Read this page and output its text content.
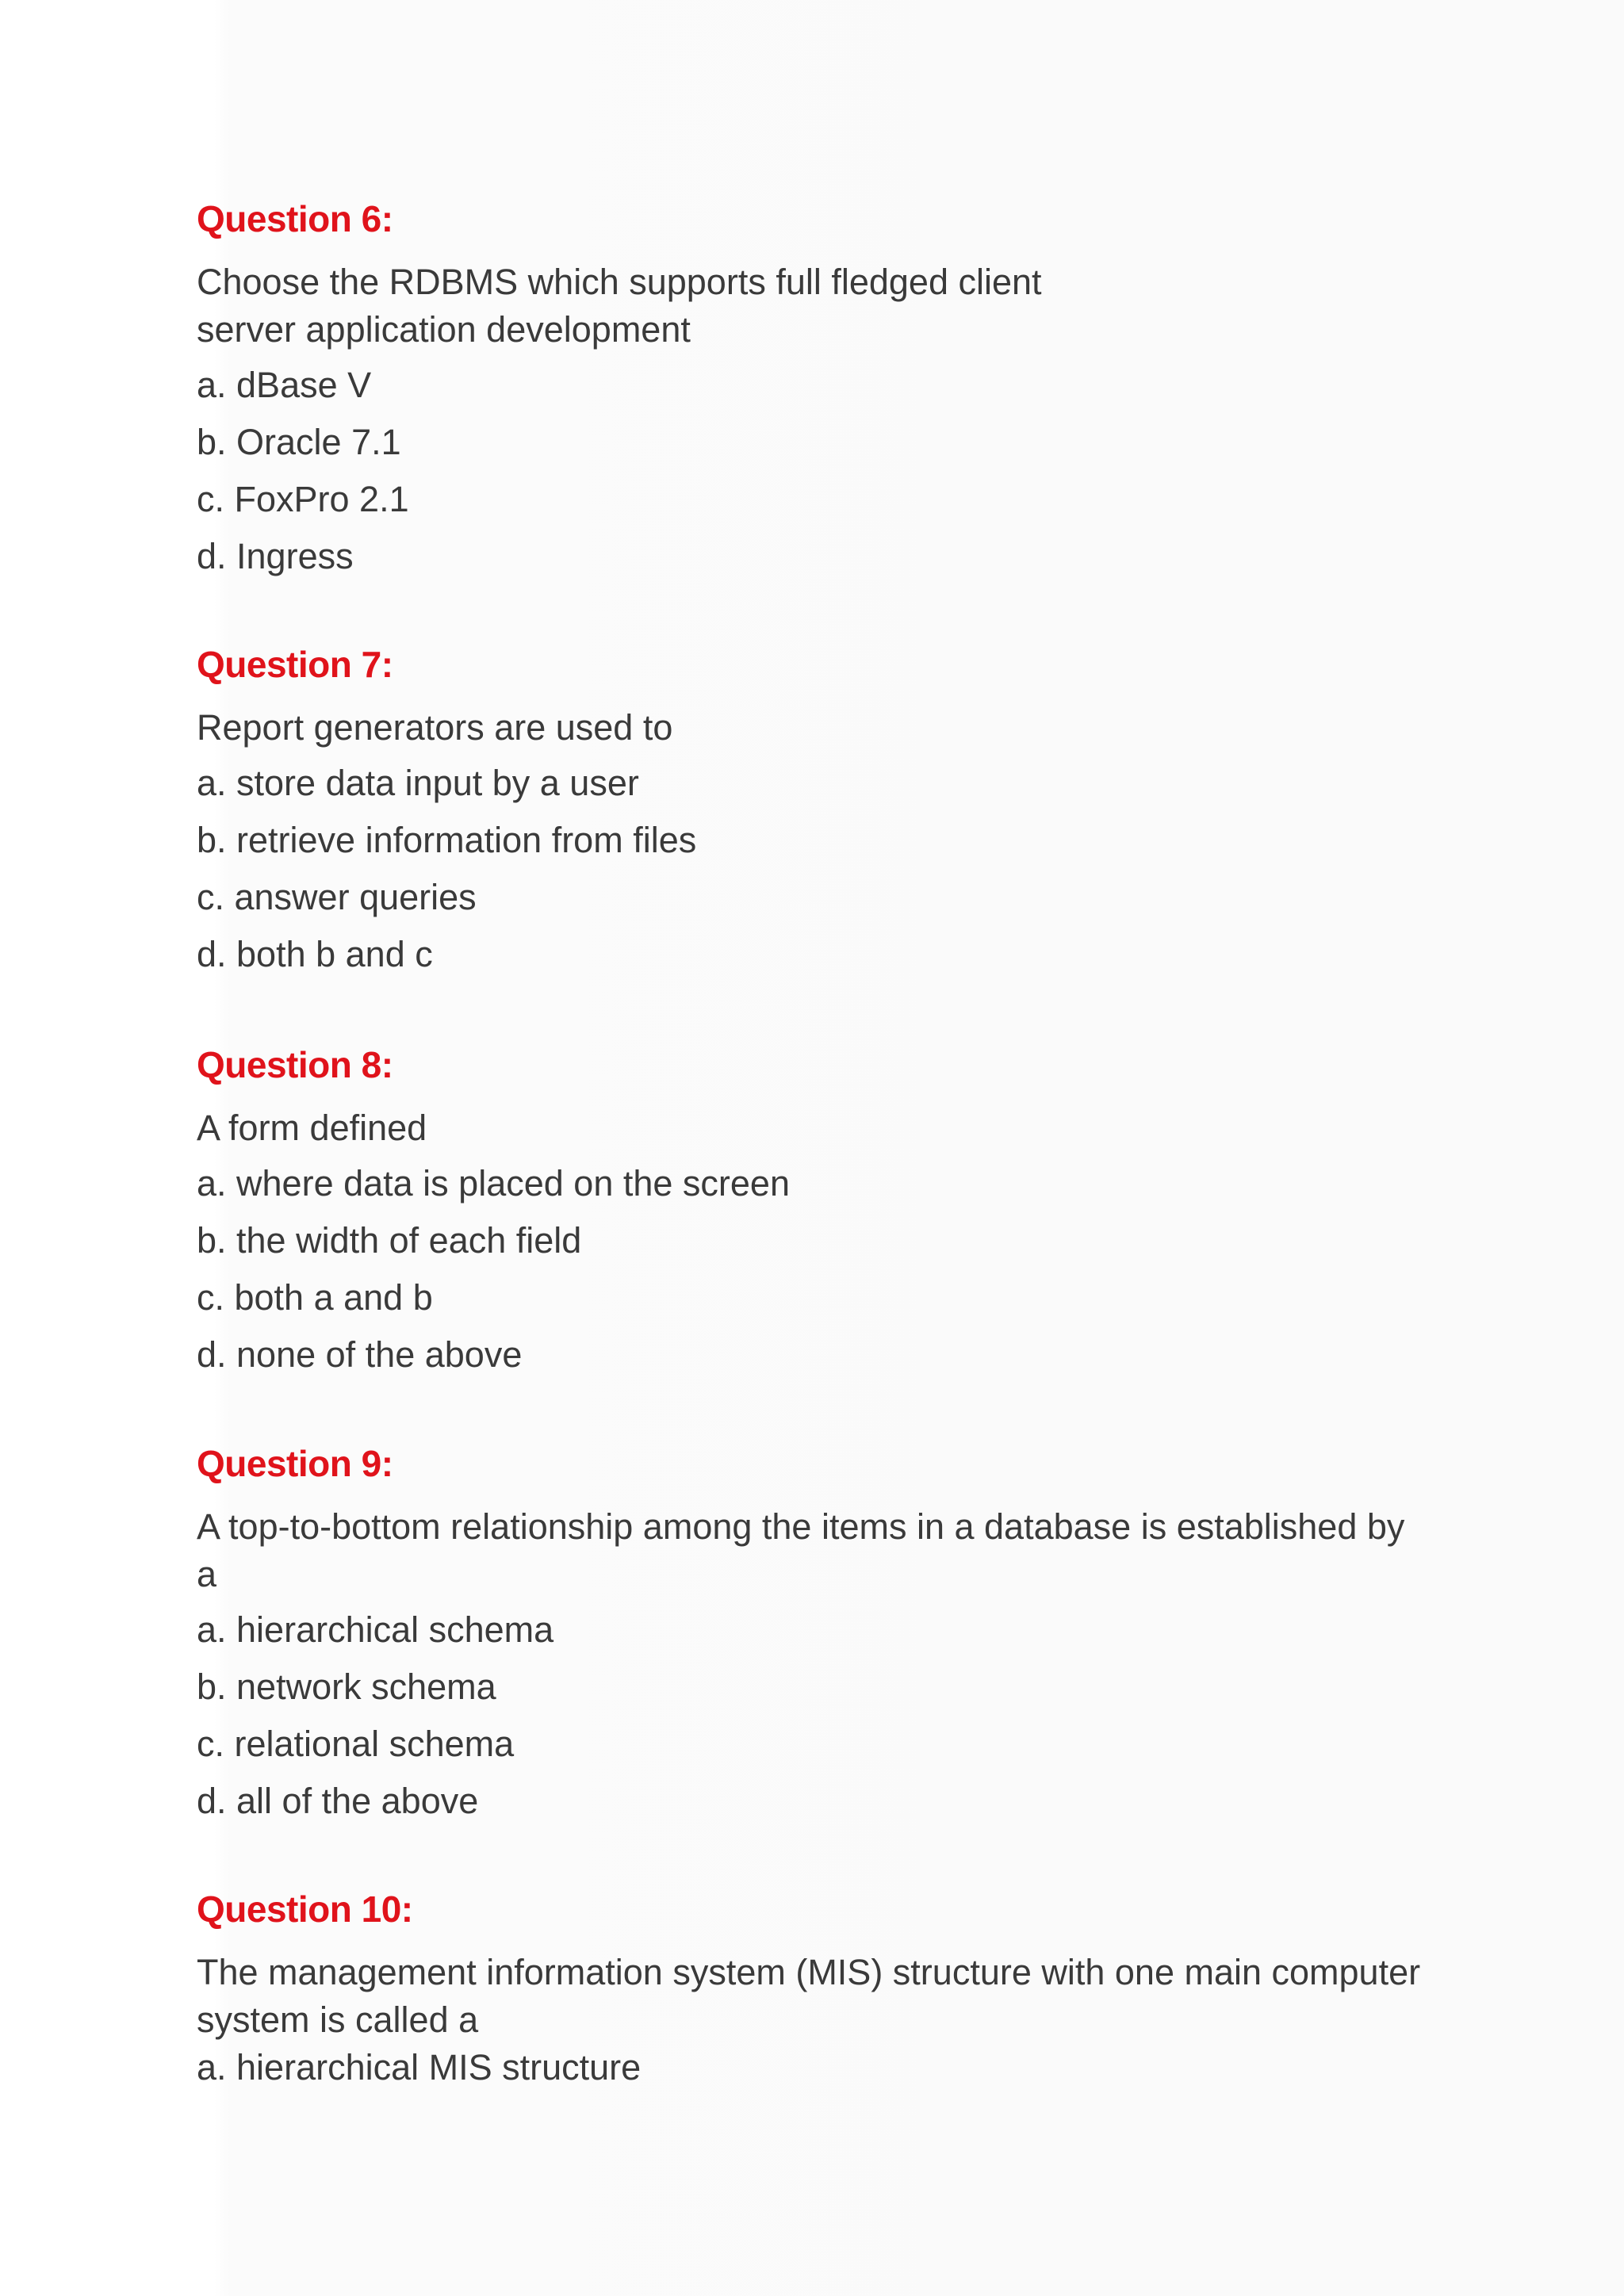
Question 6:
Choose the RDBMS which supports full fledged client
server application development
a. dBase V
b. Oracle 7.1
c. FoxPro 2.1
d. Ingress
Question 7:
Report generators are used to
a. store data input by a user
b. retrieve information from files
c. answer queries
d. both b and c
Question 8:
A form defined
a. where data is placed on the screen
b. the width of each field
c. both a and b
d. none of the above
Question 9:
A top-to-bottom relationship among the items in a database is established by
a
a. hierarchical schema
b. network schema
c. relational schema
d. all of the above
Question 10:
The management information system (MIS) structure with one main computer
system is called a
a. hierarchical MIS structure
